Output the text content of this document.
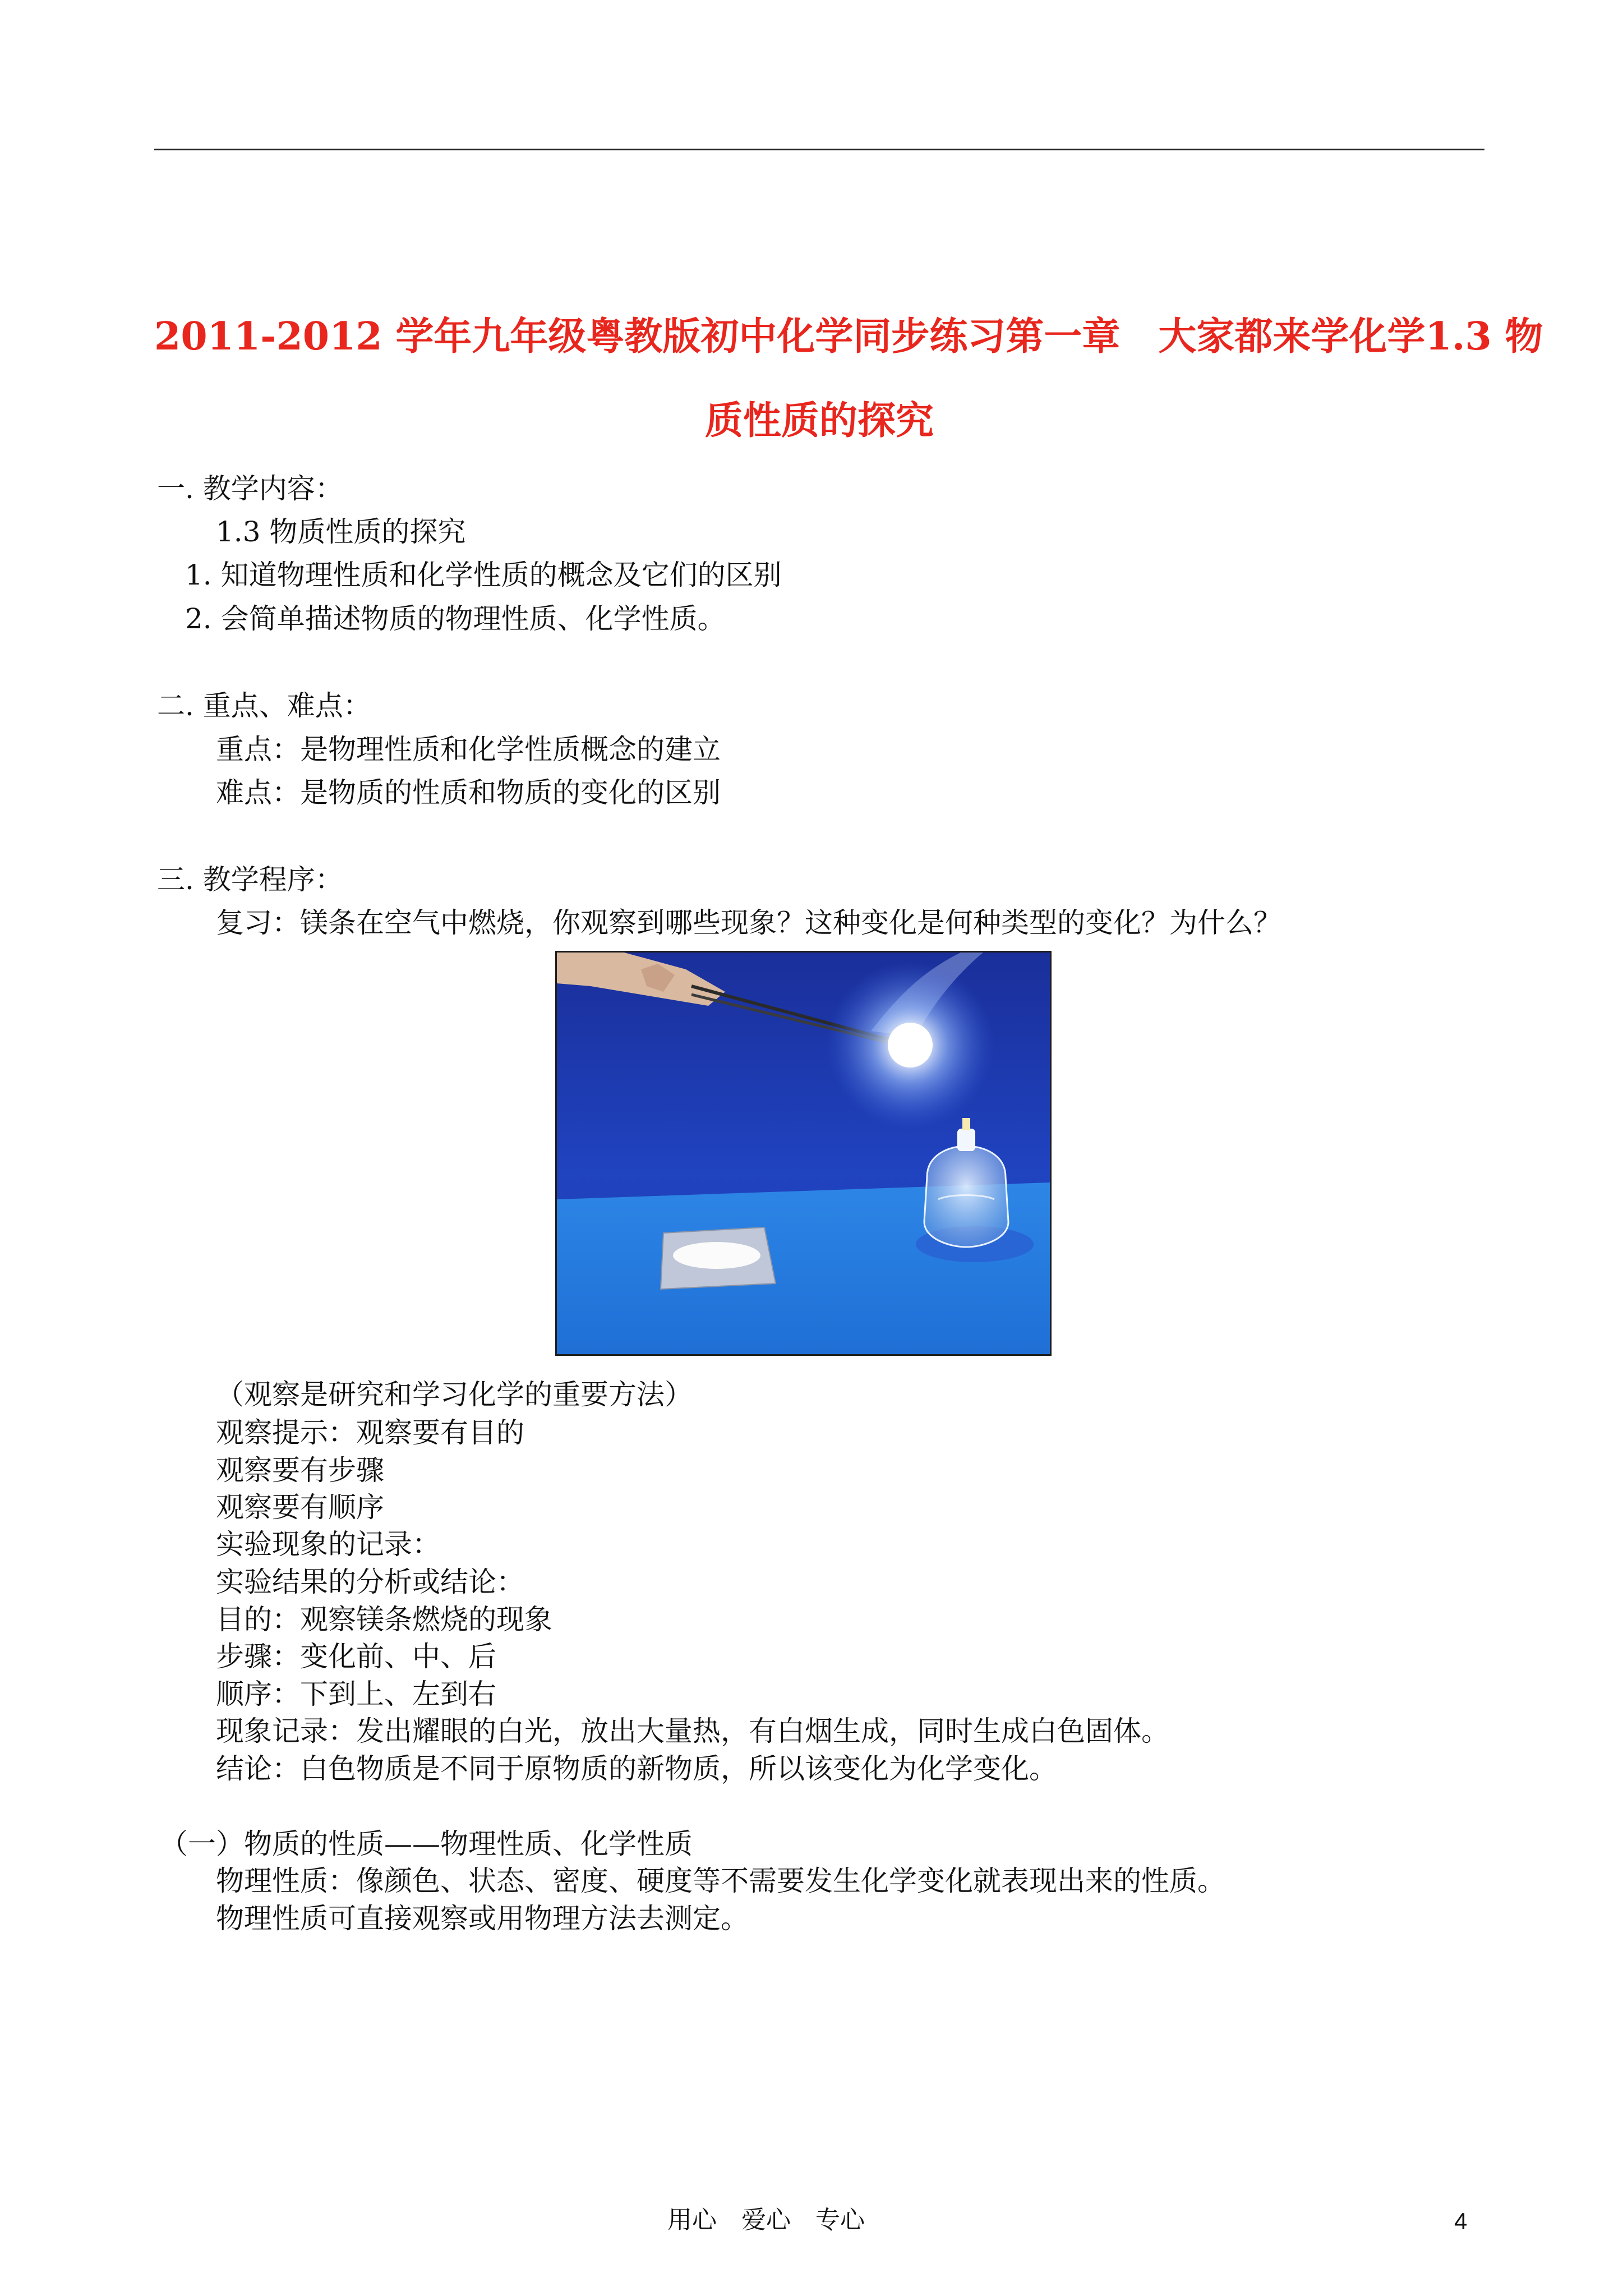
2011-2012 学年九年级粤教版初中化学同步练习第一章　大家都来学化学1.3 物
质性质的探究
一. 教学内容：
1.3 物质性质的探究
1. 知道物理性质和化学性质的概念及它们的区别
2. 会简单描述物质的物理性质、化学性质。
二. 重点、难点：
重点：是物理性质和化学性质概念的建立
难点：是物质的性质和物质的变化的区别
三. 教学程序：
复习：镁条在空气中燃烧，你观察到哪些现象？这种变化是何种类型的变化？为什么？
（观察是研究和学习化学的重要方法）
观察提示：观察要有目的
观察要有步骤
观察要有顺序
实验现象的记录：
实验结果的分析或结论：
目的：观察镁条燃烧的现象
步骤：变化前、中、后
顺序：下到上、左到右
现象记录：发出耀眼的白光，放出大量热，有白烟生成，同时生成白色固体。
结论：白色物质是不同于原物质的新物质，所以该变化为化学变化。
（一）物质的性质——物理性质、化学性质
物理性质：像颜色、状态、密度、硬度等不需要发生化学变化就表现出来的性质。
物理性质可直接观察或用物理方法去测定。
用心　爱心　专心	4
